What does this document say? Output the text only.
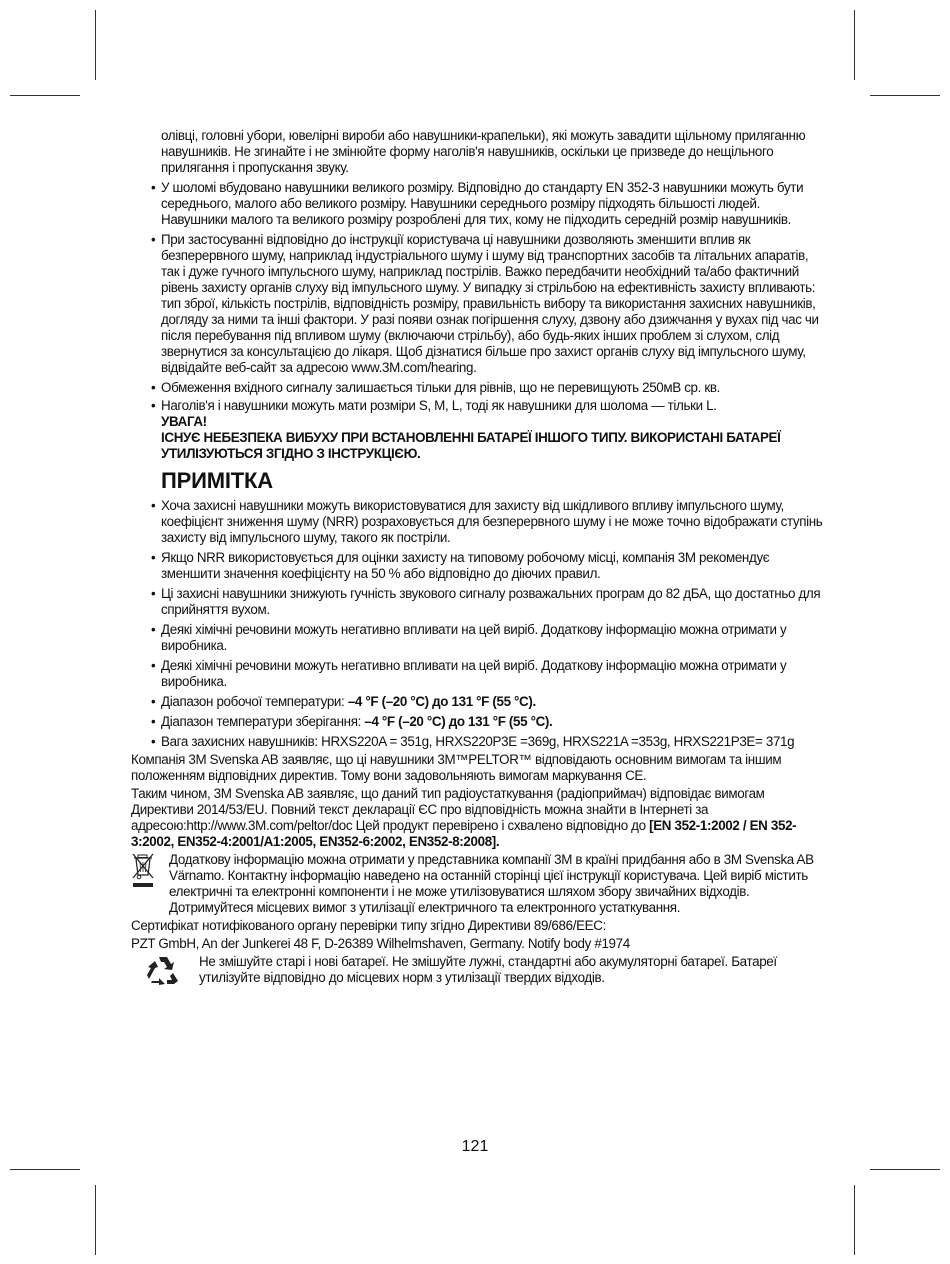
олівці, головні убори, ювелірні вироби або навушники-крапельки), які можуть завадити щільному приляганню навушників. Не згинайте і не змінюйте форму наголів'я навушників, оскільки це призведе до нещільного прилягання і пропускання звуку.

• У шоломі вбудовано навушники великого розміру. Відповідно до стандарту EN 352-3 навушники можуть бути середнього, малого або великого розміру. Навушники середнього розміру підходять більшості людей. Навушники малого та великого розміру розроблені для тих, кому не підходить середній розмір навушників.
• При застосуванні відповідно до інструкції користувача ці навушники дозволяють зменшити вплив як безперервного шуму, наприклад індустріального шуму і шуму від транспортних засобів та літальних апаратів, так і дуже гучного імпульсного шуму, наприклад пострілів. Важко передбачити необхідний та/або фактичний рівень захисту органів слуху від імпульсного шуму. У випадку зі стрільбою на ефективність захисту впливають: тип зброї, кількість пострілів, відповідність розміру, правильність вибору та використання захисних навушників, догляду за ними та інші фактори. У разі появи ознак погіршення слуху, дзвону або дзижчання у вухах під час чи після перебування під впливом шуму (включаючи стрільбу), або будь-яких інших проблем зі слухом, слід звернутися за консультацією до лікаря. Щоб дізнатися більше про захист органів слуху від імпульсного шуму, відвідайте веб-сайт за адресою www.3M.com/hearing.
• Обмеження вхідного сигналу залишається тільки для рівнів, що не перевищують 250мВ ср. кв.
• Наголів'я і навушники можуть мати розміри S, M, L, тоді як навушники для шолома — тільки L.

УВАГА!

ІСНУЄ НЕБЕЗПЕКА ВИБУХУ ПРИ ВСТАНОВЛЕННІ БАТАРЕЇ ІНШОГО ТИПУ. ВИКОРИСТАНІ БАТАРЕЇ УТИЛІЗУЮТЬСЯ ЗГІДНО З ІНСТРУКЦІЄЮ.

ПРИМІТКА
• Хоча захисні навушники можуть використовуватися для захисту від шкідливого впливу імпульсного шуму, коефіцієнт зниження шуму (NRR) розраховується для безперервного шуму і не може точно відображати ступінь захисту від імпульсного шуму, такого як постріли.
• Якщо NRR використовується для оцінки захисту на типовому робочому місці, компанія 3M рекомендує зменшити значення коефіцієнту на 50 % або відповідно до діючих правил.
• Ці захисні навушники знижують гучність звукового сигналу розважальних програм до 82 дБА, що достатньо для сприйняття вухом.
• Деякі хімічні речовини можуть негативно впливати на цей виріб. Додаткову інформацію можна отримати у виробника.
• Деякі хімічні речовини можуть негативно впливати на цей виріб. Додаткову інформацію можна отримати у виробника.
• Діапазон робочої температури: –4 °F (–20 °C) до 131 °F (55 °C).
• Діапазон температури зберігання: –4 °F (–20 °C) до 131 °F (55 °C).
• Вага захисних навушників: HRXS220A = 351g, HRXS220P3E =369g, HRXS221A =353g, HRXS221P3E= 371g

Компанія 3M Svenska AB заявляє, що ці навушники 3M™PELTOR™ відповідають основним вимогам та іншим положенням відповідних директив. Тому вони задовольняють вимогам маркування CE.

Таким чином, 3M Svenska AB заявляє, що даний тип радіоустаткування (радіоприймач) відповідає вимогам Директиви 2014/53/EU. Повний текст декларації ЄС про відповідність можна знайти в Інтернеті за адресою:http://www.3M.com/peltor/doc Цей продукт перевірено і схвалено відповідно до [EN 352-1:2002 / EN 352-3:2002, EN352-4:2001/A1:2005, EN352-6:2002, EN352-8:2008].

Додаткову інформацію можна отримати у представника компанії 3M в країні придбання або в 3M Svenska AB Värnamo. Контактну інформацію наведено на останній сторінці цієї інструкції користувача. Цей виріб містить електричні та електронні компоненти і не може утилізовуватися шляхом збору звичайних відходів. Дотримуйтеся місцевих вимог з утилізації електричного та електронного устаткування.

Сертифікат нотифікованого органу перевірки типу згідно Директиви 89/686/EEC:

PZT GmbH, An der Junkerei 48 F, D-26389 Wilhelmshaven, Germany. Notify body #1974

Не змішуйте старі і нові батареї. Не змішуйте лужні, стандартні або акумуляторні батареї. Батареї утилізуйте відповідно до місцевих норм з утилізації твердих відходів.

121
